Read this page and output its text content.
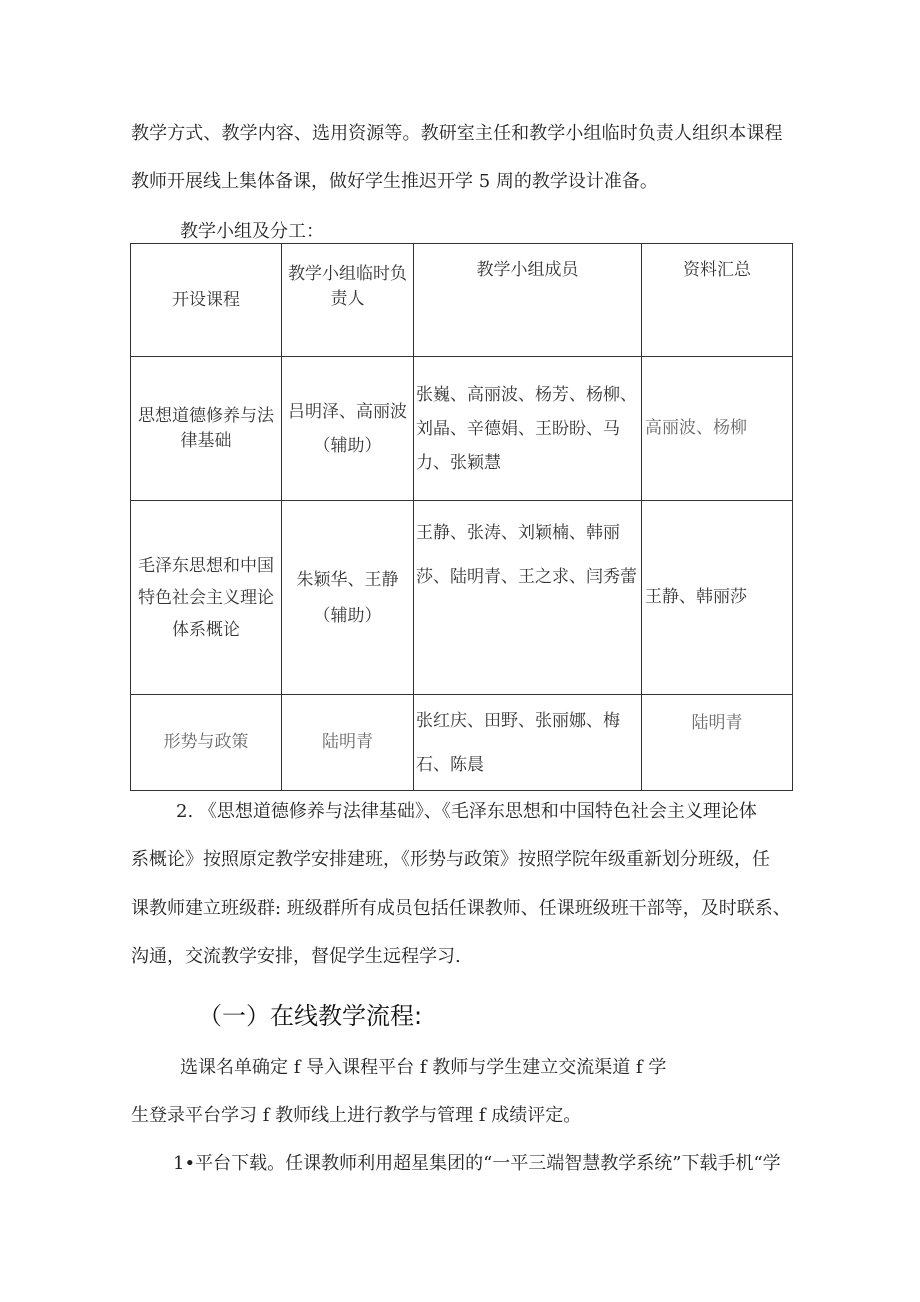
教学方式、教学内容、选用资源等。教研室主任和教学小组临时负责人组织本课程
教师开展线上集体备课，做好学生推迟开学 5 周的教学设计准备。
教学小组及分工：
开设课程	教学小组临时负责人	教学小组成员	资料汇总

思想道德修养与法律基础	吕明泽、高丽波（辅助）	张巍、高丽波、杨芳、杨柳、刘晶、辛德娟、王盼盼、马力、张颖慧	高丽波、杨柳

毛泽东思想和中国特色社会主义理论体系概论	朱颖华、王静（辅助）	王静、张涛、刘颖楠、韩丽莎、陆明青、王之求、闫秀蕾	王静、韩丽莎

形势与政策	陆明青	张红庆、田野、张丽娜、梅石、陈晨	陆明青
2. 《思想道德修养与法律基础》、《毛泽东思想和中国特色社会主义理论体
系概论》按照原定教学安排建班，《形势与政策》按照学院年级重新划分班级，任
课教师建立班级群: 班级群所有成员包括任课教师、任课班级班干部等，及时联系、
沟通，交流教学安排，督促学生远程学习.
（一）在线教学流程:
选课名单确定 f 导入课程平台 f 教师与学生建立交流渠道 f 学
生登录平台学习 f 教师线上进行教学与管理 f 成绩评定。
1•平台下载。任课教师利用超星集团的“一平三端智慧教学系统”下载手机“学
